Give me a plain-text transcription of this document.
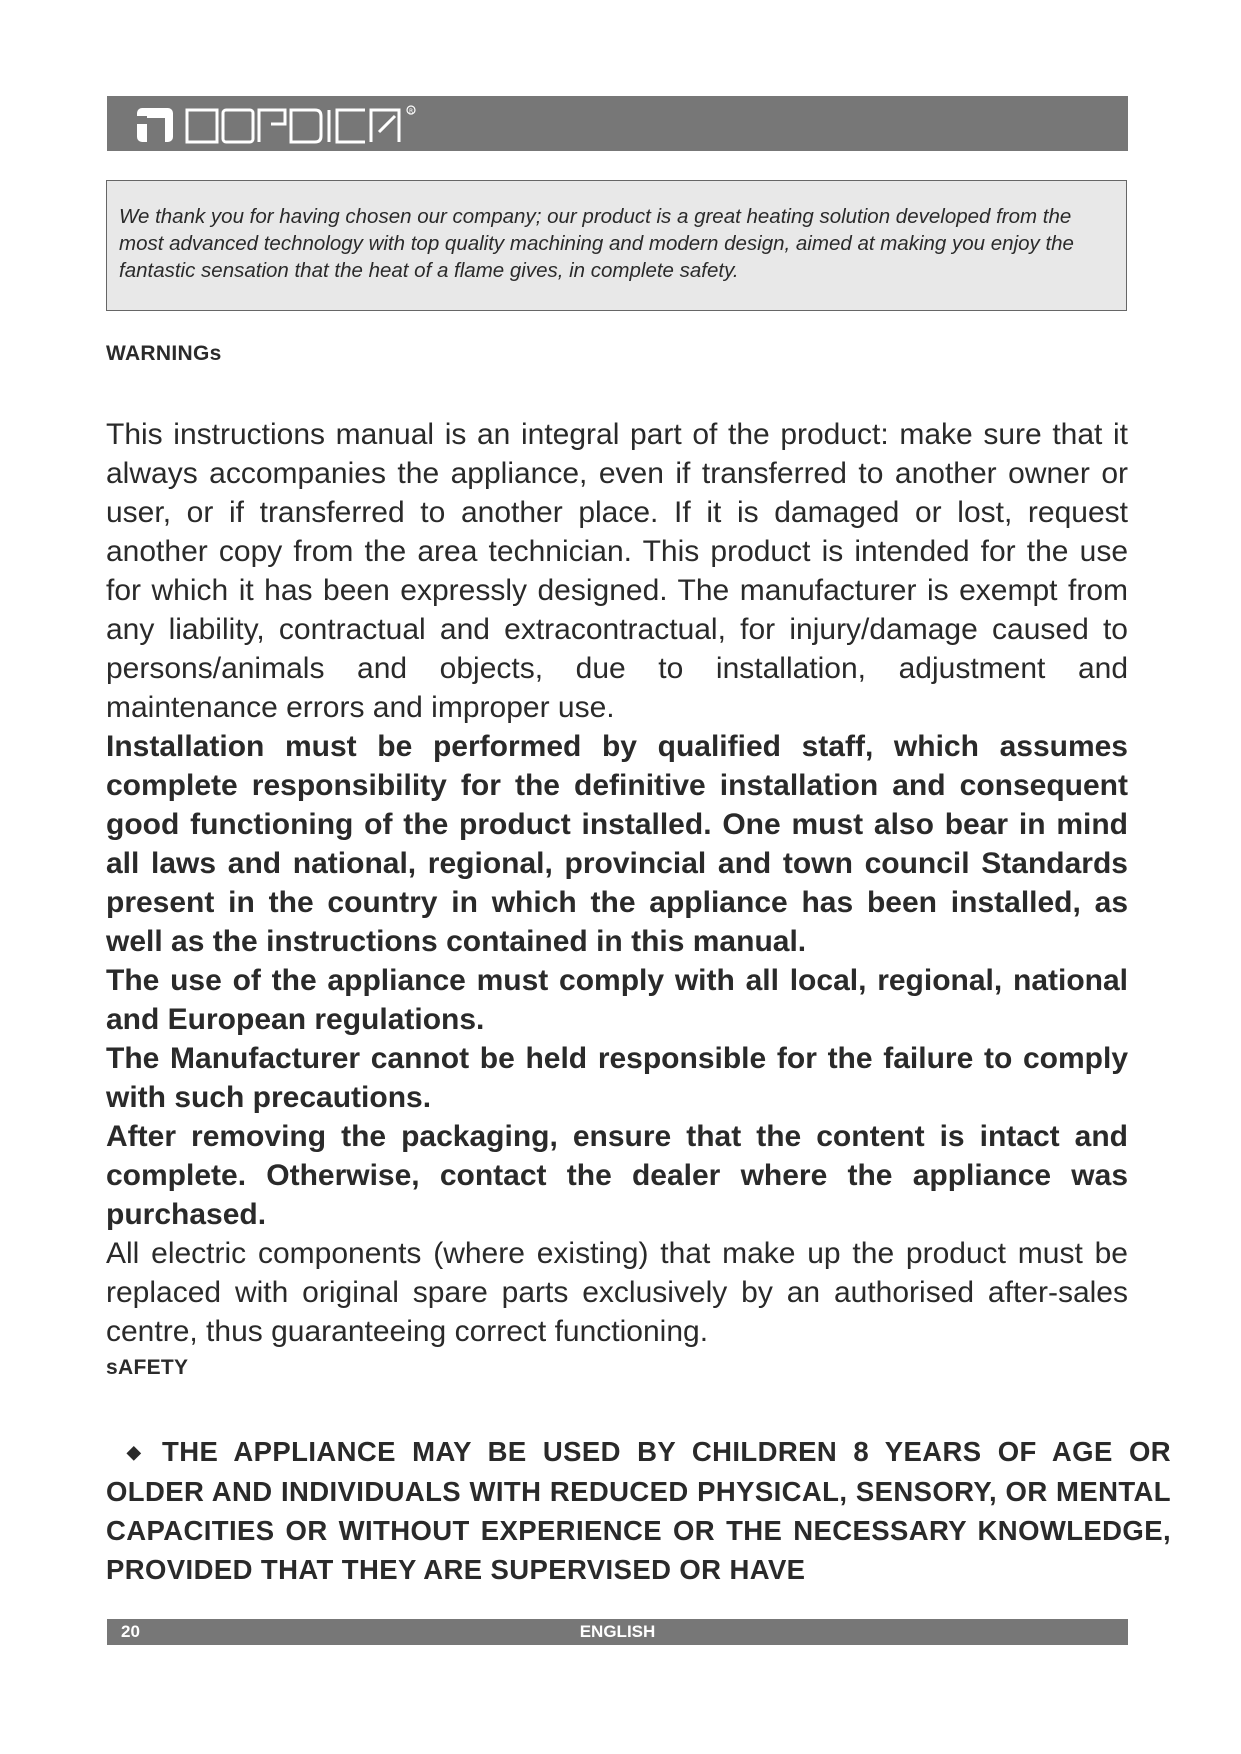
R
We thank you for having chosen our company; our product is a great heating solution developed from the most advanced technology with top quality machining and modern design, aimed at making you enjoy the fantastic sensation that the heat of a flame gives, in complete safety.
WARNINGs

This instructions manual is an integral part of the product: make sure that it always accompanies the appliance, even if transferred to another owner or user, or if transferred to another place. If it is damaged or lost, request another copy from the area technician. This product is intended for the use for which it has been expressly designed. The manufacturer is exempt from any liability, contractual and extracontractual, for injury/damage caused to persons/animals and objects, due to installation, adjustment and maintenance errors and improper use.

Installation must be performed by qualified staff, which assumes complete responsibility for the definitive installation and consequent good functioning of the product installed. One must also bear in mind all laws and national, regional, provincial and town council Standards present in the country in which the appliance has been installed, as well as the instructions contained in this manual.

The use of the appliance must comply with all local, regional, national and European regulations.

The Manufacturer cannot be held responsible for the failure to comply with such precautions.

After removing the packaging, ensure that the content is intact and complete. Otherwise, contact the dealer where the appliance was purchased.

All electric components (where existing) that make up the product must be replaced with original spare parts exclusively by an authorised after-sales centre, thus guaranteeing correct functioning.

sAFETY
◆ THE APPLIANCE MAY BE USED BY CHILDREN 8 YEARS OF AGE OR OLDER AND INDIVIDUALS WITH REDUCED PHYSICAL, SENSORY, OR MENTAL CAPACITIES OR WITHOUT EXPERIENCE OR THE NECESSARY KNOWLEDGE, PROVIDED THAT THEY ARE SUPERVISED OR HAVE
20	ENGLISH
